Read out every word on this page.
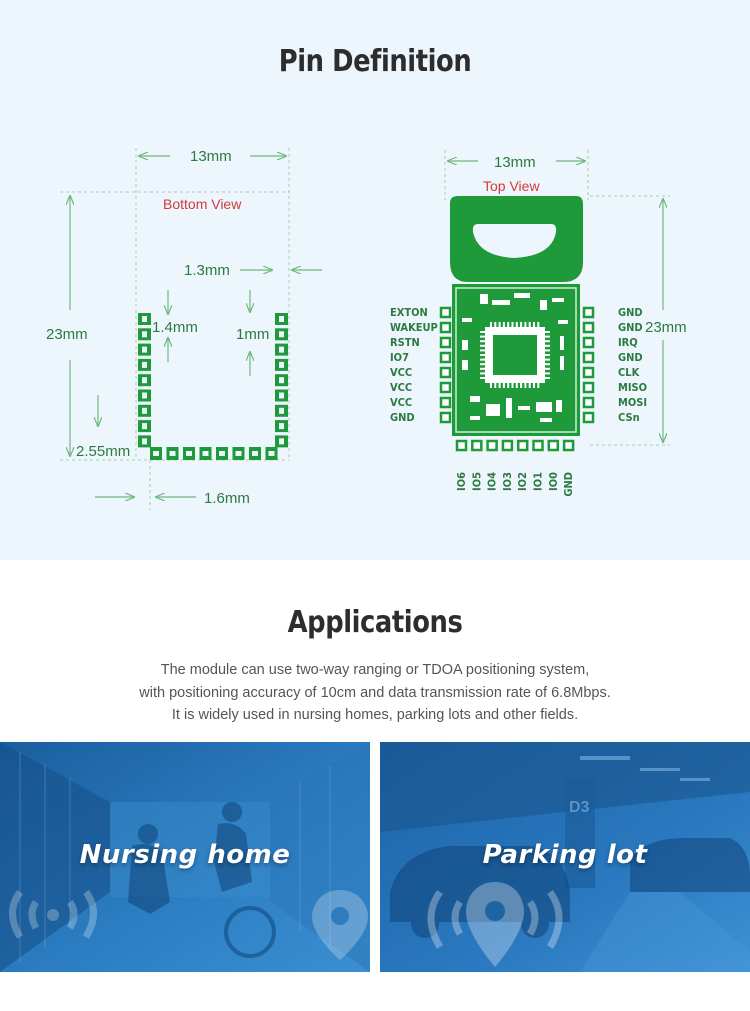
Pin Definition
Bottom View
13mm
23mm
1.3mm
1.4mm	1mm
2.55mm
1.6mm
13mm
Top View
23mm
EXTON
WAKEUP
RSTN
IO7
VCC
VCC
VCC
GND
GND
GND
IRQ
GND
CLK
MISO
MOSI
CSn
IO6 IO5 IO4 IO3 IO2 IO1 IO0 GND
Applications
The module can use two-way ranging or TDOA positioning system,
with positioning accuracy of 10cm and data transmission rate of 6.8Mbps.
It is widely used in nursing homes, parking lots and other fields.
Nursing home
D3
Parking lot
